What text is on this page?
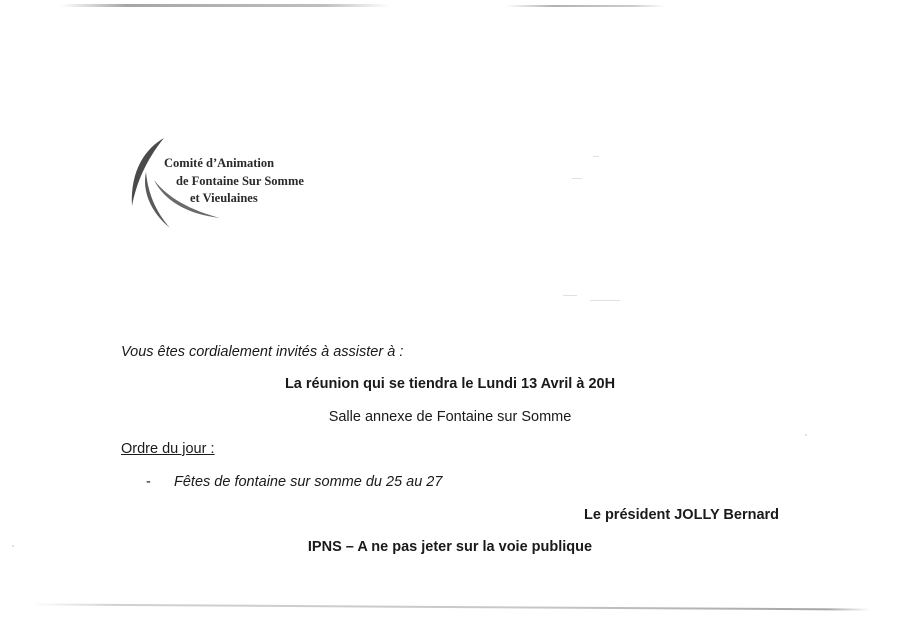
Comité d’Animation
de Fontaine Sur Somme
et Vieulaines
Vous êtes cordialement invités à assister à :
La réunion qui se tiendra le Lundi 13 Avril à 20H
Salle annexe de Fontaine sur Somme
Ordre du jour :
- Fêtes de fontaine sur somme du 25 au 27
Le président JOLLY Bernard
IPNS – A ne pas jeter sur la voie publique
